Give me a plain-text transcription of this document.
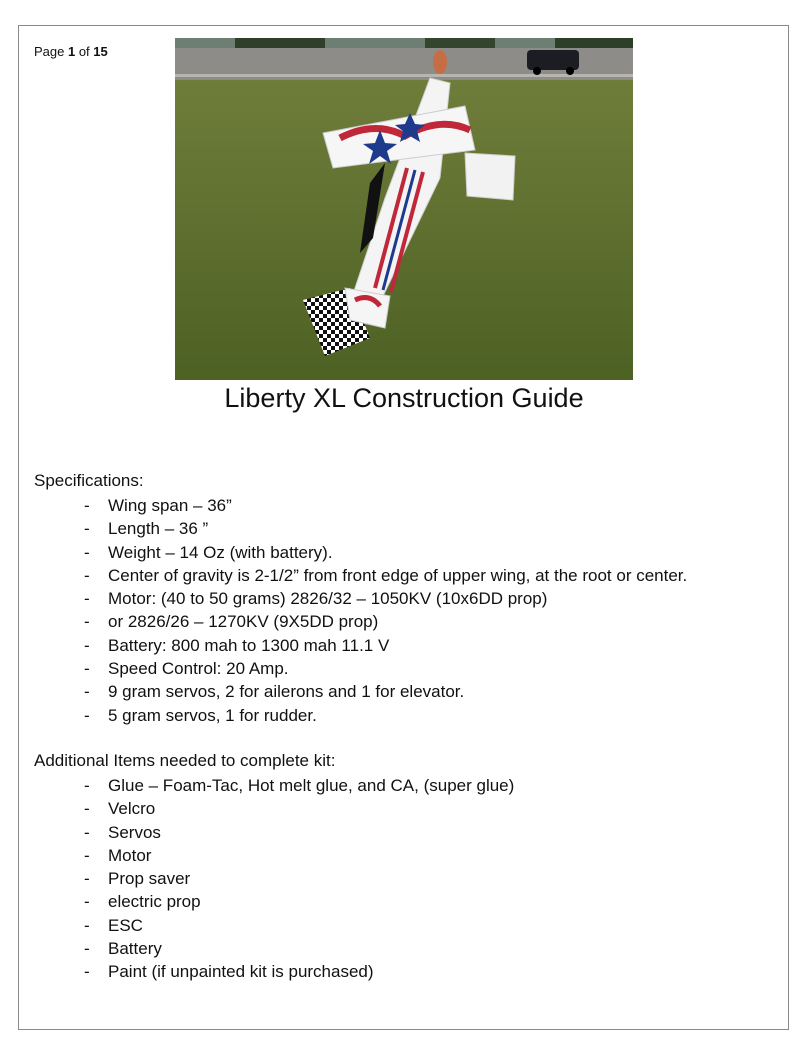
Page 1 of 15
Liberty XL Construction Guide
Specifications:
- Wing span – 36”
- Length – 36 ”
- Weight – 14 Oz (with battery).
- Center of gravity is 2-1/2” from front edge of upper wing, at the root or center.
- Motor: (40 to 50 grams) 2826/32 – 1050KV (10x6DD prop)
- or 2826/26 – 1270KV (9X5DD prop)
- Battery: 800 mah to 1300 mah 11.1 V
- Speed Control: 20 Amp.
- 9 gram servos, 2 for ailerons and 1 for elevator.
- 5 gram servos, 1 for rudder.
Additional Items needed to complete kit:
- Glue – Foam-Tac, Hot melt glue, and CA, (super glue)
- Velcro
- Servos
- Motor
- Prop saver
- electric prop
- ESC
- Battery
- Paint (if unpainted kit is purchased)
